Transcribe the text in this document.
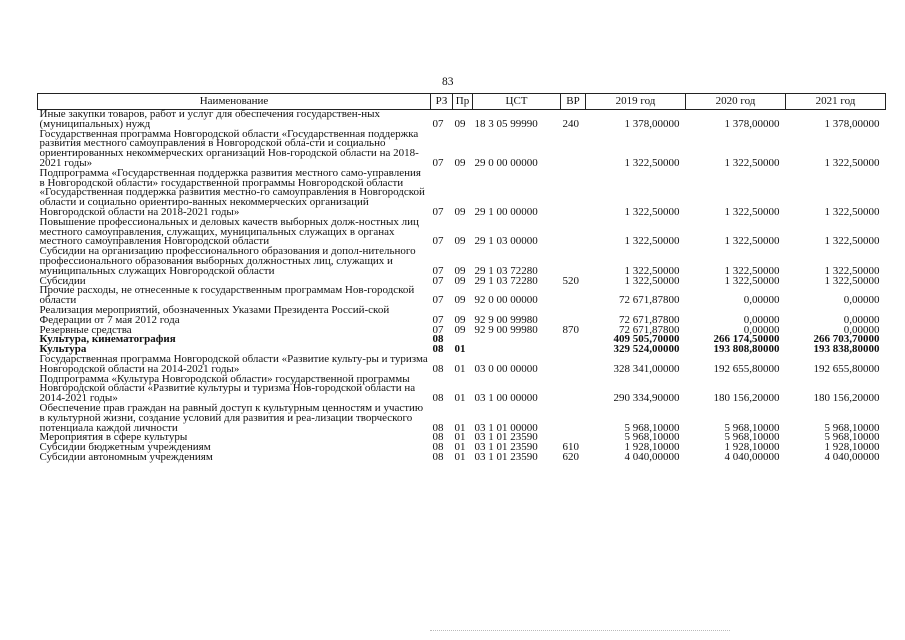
83
Наименование	РЗ	Пр	ЦСТ	ВР	2019 год	2020 год	2021 год
Иные закупки товаров, работ и услуг для обеспечения государствен-ных (муниципальных) нужд	07	09	18 3 05 99990	240	1 378,00000	1 378,00000	1 378,00000
Государственная программа Новгородской области «Государственная поддержка развития местного самоуправления в Новгородской обла-сти и социально ориентированных некоммерческих организаций Нов-городской области на 2018-2021 годы»	07	09	29 0 00 00000		1 322,50000	1 322,50000	1 322,50000
Подпрограмма «Государственная поддержка развития местного само-управления в Новгородской области» государственной программы Новгородской области «Государственная поддержка развития местно-го самоуправления в Новгородской области и социально ориентиро-ванных некоммерческих организаций Новгородской области на 2018-2021 годы»	07	09	29 1 00 00000		1 322,50000	1 322,50000	1 322,50000
Повышение профессиональных и деловых качеств выборных долж-ностных лиц местного самоуправления, служащих, муниципальных служащих в органах местного самоуправления Новгородской области	07	09	29 1 03 00000		1 322,50000	1 322,50000	1 322,50000
Субсидии на организацию профессионального образования и допол-нительного профессионального образования выборных должностных лиц, служащих и муниципальных служащих Новгородской области	07	09	29 1 03 72280		1 322,50000	1 322,50000	1 322,50000
Субсидии	07	09	29 1 03 72280	520	1 322,50000	1 322,50000	1 322,50000
Прочие расходы, не отнесенные к государственным программам Нов-городской области	07	09	92 0 00 00000		72 671,87800	0,00000	0,00000
Реализация мероприятий, обозначенных Указами Президента Россий-ской Федерации от 7 мая 2012 года	07	09	92 9 00 99980		72 671,87800	0,00000	0,00000
Резервные средства	07	09	92 9 00 99980	870	72 671,87800	0,00000	0,00000
Культура, кинематография	08				409 505,70000	266 174,50000	266 703,70000
Культура	08	01			329 524,00000	193 808,80000	193 838,80000
Государственная программа Новгородской области «Развитие культу-ры и туризма Новгородской области на 2014-2021 годы»	08	01	03 0 00 00000		328 341,00000	192 655,80000	192 655,80000
Подпрограмма «Культура Новгородской области» государственной программы Новгородской области «Развитие культуры и туризма Нов-городской области на 2014-2021 годы»	08	01	03 1 00 00000		290 334,90000	180 156,20000	180 156,20000
Обеспечение прав граждан на равный доступ к культурным ценностям и участию в культурной жизни, создание условий для развития и реа-лизации творческого потенциала каждой личности	08	01	03 1 01 00000		5 968,10000	5 968,10000	5 968,10000
Мероприятия в сфере культуры	08	01	03 1 01 23590		5 968,10000	5 968,10000	5 968,10000
Субсидии бюджетным учреждениям	08	01	03 1 01 23590	610	1 928,10000	1 928,10000	1 928,10000
Субсидии автономным учреждениям	08	01	03 1 01 23590	620	4 040,00000	4 040,00000	4 040,00000
